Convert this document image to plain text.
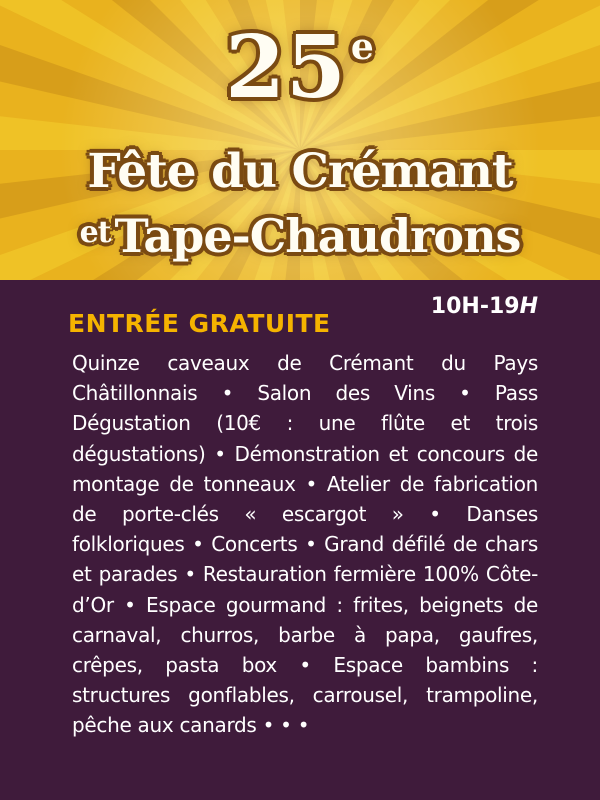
25 e
Fête du Crémant
$^{et}$Tape-Chaudrons
ENTRÉE GRATUITE
10H-19H
Quinze caveaux de Crémant du Pays Châtillonnais • Salon des Vins • Pass Dégustation (10€ : une flûte et trois dégustations) • Démonstration et concours de montage de tonneaux • Atelier de fabrication de porte-clés « escargot » • Danses folkloriques • Concerts • Grand défilé de chars et parades • Restauration fermière 100% Côte-d’Or • Espace gourmand : frites, beignets de carnaval, churros, barbe à papa, gaufres, crêpes, pasta box • Espace bambins : structures gonflables, carrousel, trampoline, pêche aux canards • • •
